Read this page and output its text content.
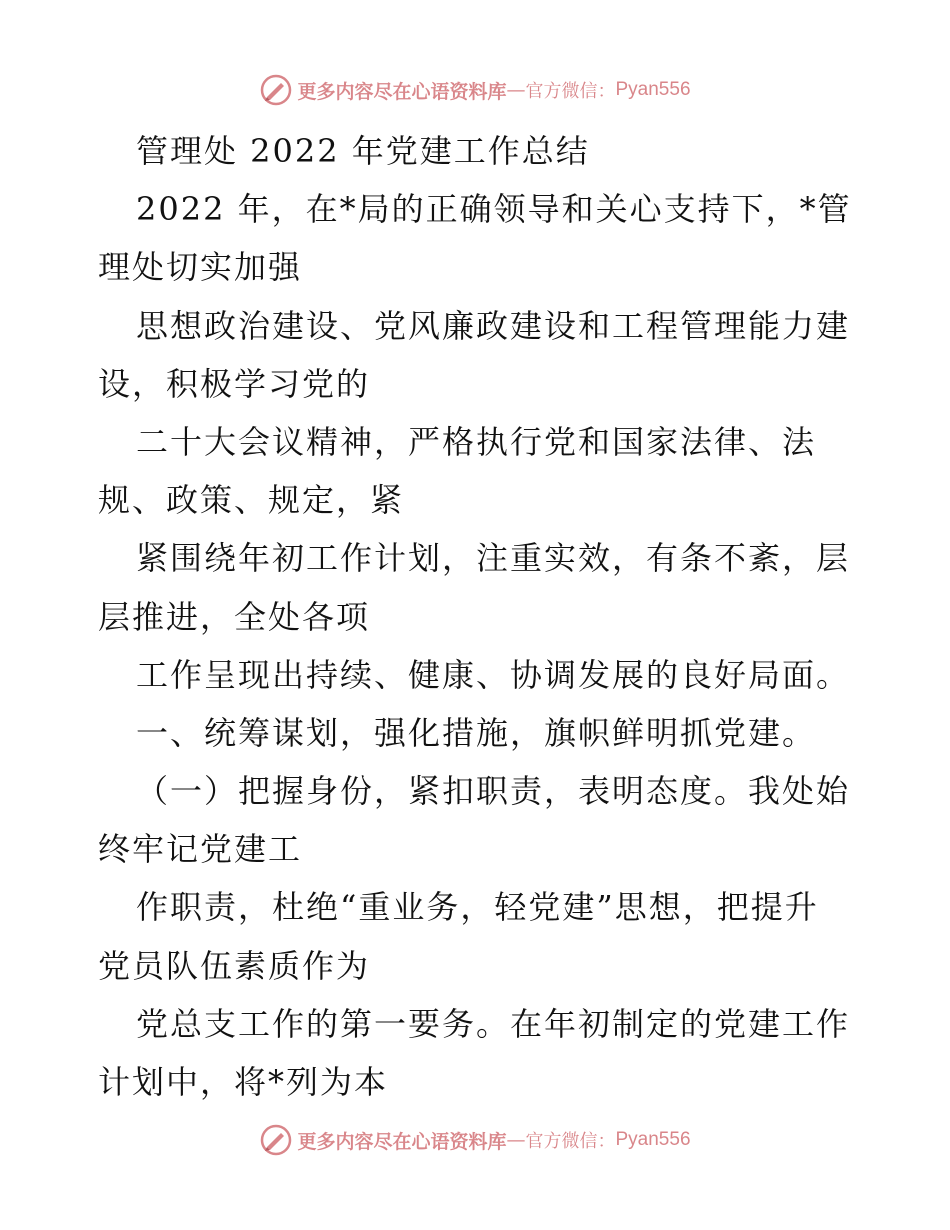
更多内容尽在心语资料库 — 官方微信： Pyan556
管理处 2022 年党建工作总结
2022 年，在*局的正确领导和关心支持下，*管
理处切实加强
思想政治建设、党风廉政建设和工程管理能力建
设，积极学习党的
二十大会议精神，严格执行党和国家法律、法
规、政策、规定，紧
紧围绕年初工作计划，注重实效，有条不紊，层
层推进，全处各项
工作呈现出持续、健康、协调发展的良好局面。
一、统筹谋划，强化措施，旗帜鲜明抓党建。
（一）把握身份，紧扣职责，表明态度。我处始
终牢记党建工
作职责，杜绝“重业务，轻党建”思想，把提升
党员队伍素质作为
党总支工作的第一要务。在年初制定的党建工作
计划中，将*列为本
更多内容尽在心语资料库 — 官方微信： Pyan556
